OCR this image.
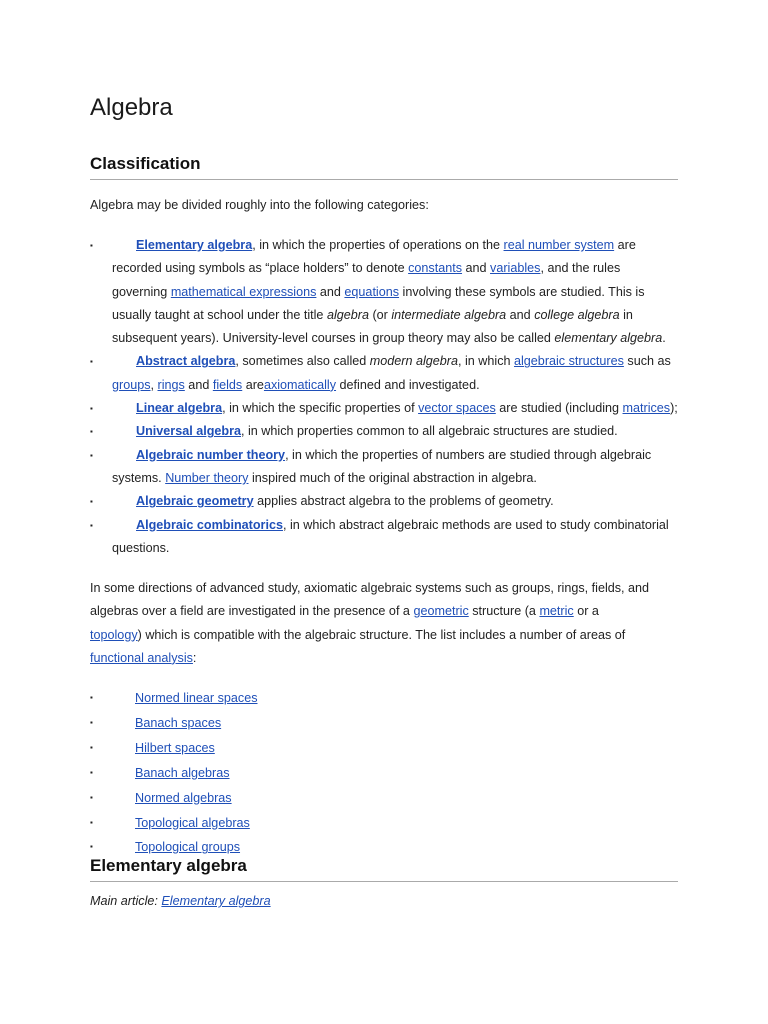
Algebra
Classification

Algebra may be divided roughly into the following categories:

▪	Elementary algebra, in which the properties of operations on the real number system are recorded using symbols as “place holders” to denote constants and variables, and the rules governing mathematical expressions and equations involving these symbols are studied. This is usually taught at school under the title algebra (or intermediate algebra and college algebra in subsequent years). University-level courses in group theory may also be called elementary algebra.
▪	Abstract algebra, sometimes also called modern algebra, in which algebraic structures such as groups, rings and fields areaxiomatically defined and investigated.
▪	Linear algebra, in which the specific properties of vector spaces are studied (including matrices);
▪	Universal algebra, in which properties common to all algebraic structures are studied.
▪	Algebraic number theory, in which the properties of numbers are studied through algebraic systems. Number theory inspired much of the original abstraction in algebra.
▪	Algebraic geometry applies abstract algebra to the problems of geometry.
▪	Algebraic combinatorics, in which abstract algebraic methods are used to study combinatorial questions.

In some directions of advanced study, axiomatic algebraic systems such as groups, rings, fields, and algebras over a field are investigated in the presence of a geometric structure (a metric or a topology) which is compatible with the algebraic structure. The list includes a number of areas of functional analysis:

▪	Normed linear spaces
▪	Banach spaces
▪	Hilbert spaces
▪	Banach algebras
▪	Normed algebras
▪	Topological algebras
▪	Topological groups
Elementary algebra

Main article: Elementary algebra
